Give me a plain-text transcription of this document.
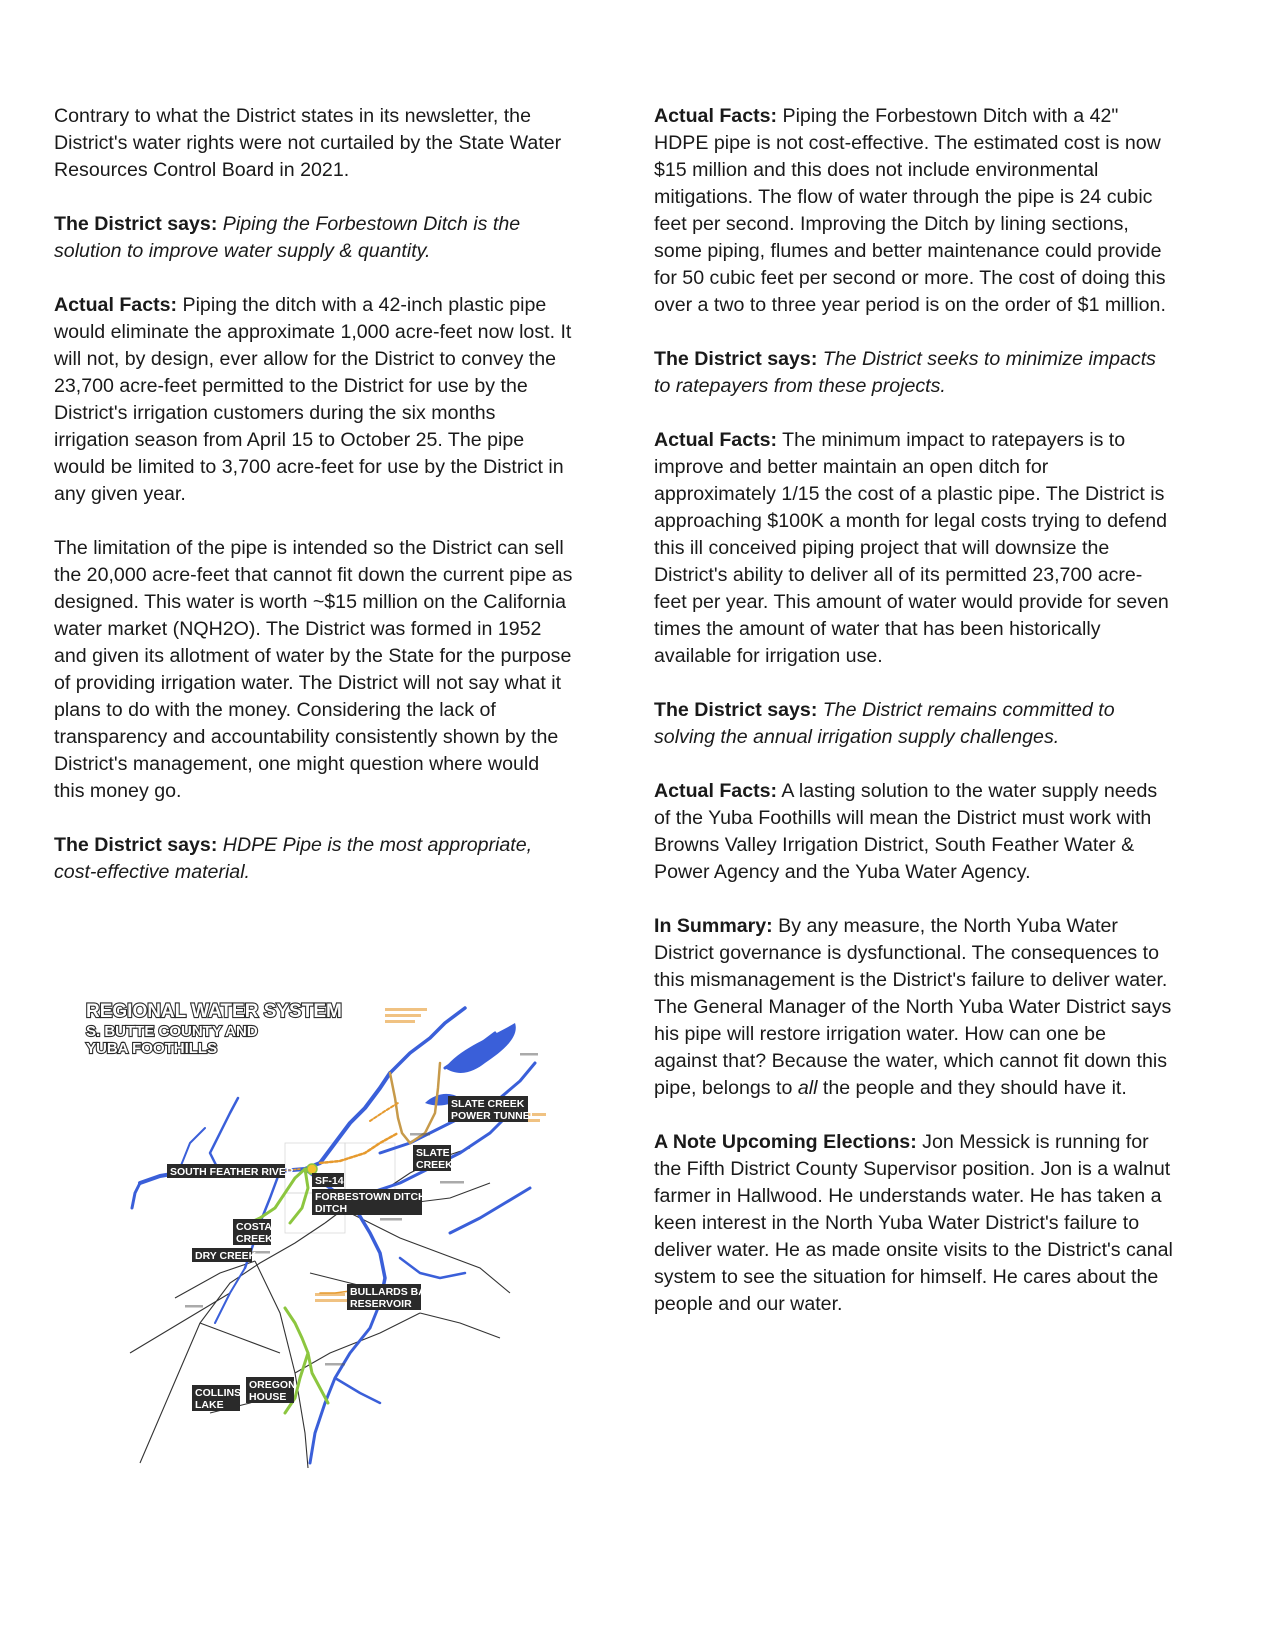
Contrary to what the District states in its newsletter, the District's water rights were not curtailed by the State Water Resources Control Board in 2021.

The District says: Piping the Forbestown Ditch is the solution to improve water supply & quantity.

Actual Facts: Piping the ditch with a 42-inch plastic pipe would eliminate the approximate 1,000 acre-feet now lost. It will not, by design, ever allow for the District to convey the 23,700 acre-feet permitted to the District for use by the District's irrigation customers during the six months irrigation season from April 15 to October 25. The pipe would be limited to 3,700 acre-feet for use by the District in any given year.

The limitation of the pipe is intended so the District can sell the 20,000 acre-feet that cannot fit down the current pipe as designed. This water is worth ~$15 million on the California water market (NQH2O). The District was formed in 1952 and given its allotment of water by the State for the purpose of providing irrigation water. The District will not say what it plans to do with the money. Considering the lack of transparency and accountability consistently shown by the District's management, one might question where would this money go.

The District says: HDPE Pipe is the most appropriate, cost-effective material.

Actual Facts: Piping the Forbestown Ditch with a 42" HDPE pipe is not cost-effective. The estimated cost is now $15 million and this does not include environmental mitigations. The flow of water through the pipe is 24 cubic feet per second. Improving the Ditch by lining sections, some piping, flumes and better maintenance could provide for 50 cubic feet per second or more. The cost of doing this over a two to three year period is on the order of $1 million.

The District says: The District seeks to minimize impacts to ratepayers from these projects.

Actual Facts: The minimum impact to ratepayers is to improve and better maintain an open ditch for approximately 1/15 the cost of a plastic pipe. The District is approaching $100K a month for legal costs trying to defend this ill conceived piping project that will downsize the District's ability to deliver all of its permitted 23,700 acre-feet per year. This amount of water would provide for seven times the amount of water that has been historically available for irrigation use.

The District says: The District remains committed to solving the annual irrigation supply challenges.

Actual Facts: A lasting solution to the water supply needs of the Yuba Foothills will mean the District must work with Browns Valley Irrigation District, South Feather Water & Power Agency and the Yuba Water Agency.

In Summary: By any measure, the North Yuba Water District governance is dysfunctional. The consequences to this mismanagement is the District's failure to deliver water. The General Manager of the North Yuba Water District says his pipe will restore irrigation water. How can one be against that? Because the water, which cannot fit down this pipe, belongs to all the people and they should have it.

A Note Upcoming Elections: Jon Messick is running for the Fifth District County Supervisor position. Jon is a walnut farmer in Hallwood. He understands water. He has taken a keen interest in the North Yuba Water District's failure to deliver water. He as made onsite visits to the District's canal system to see the situation for himself. He cares about the people and our water.

REGIONAL WATER SYSTEM
S. BUTTE COUNTY AND
YUBA FOOTHILLS
SLATE CREEK
POWER TUNNEL
SLATE
CREEK
SOUTH FEATHER RIVER
SF-14
FORBESTOWN DITCH
DITCH
COSTA
CREEK
DRY CREEK
BULLARDS BAR
RESERVOIR
COLLINS
LAKE
OREGON
HOUSE
